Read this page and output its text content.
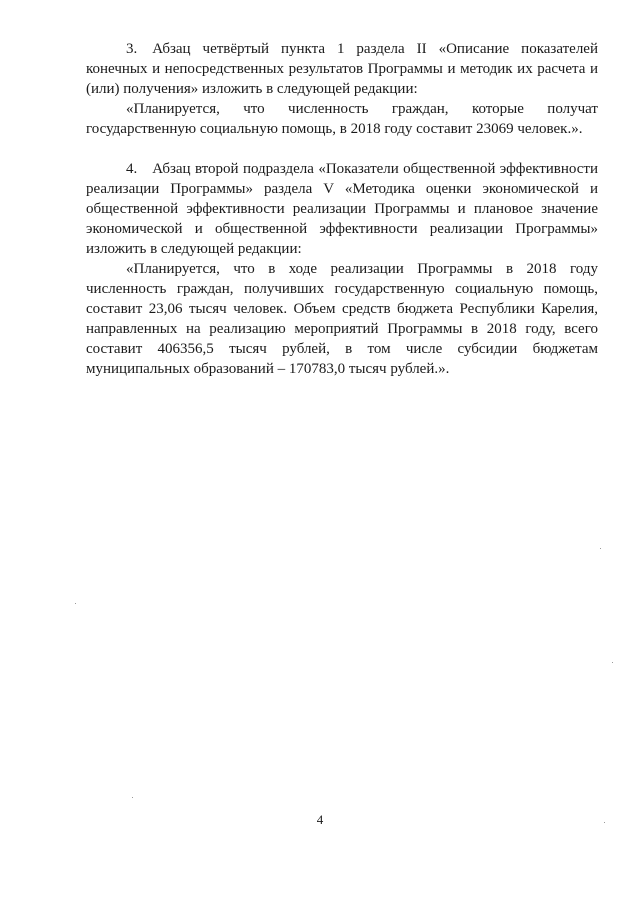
3. Абзац четвёртый пункта 1 раздела II «Описание показателей конечных и непосредственных результатов Программы и методик их расчета и (или) получения» изложить в следующей редакции:

«Планируется, что численность граждан, которые получат государственную социальную помощь, в 2018 году составит 23069 человек.».

4. Абзац второй подраздела «Показатели общественной эффективности реализации Программы» раздела V «Методика оценки экономической и общественной эффективности реализации Программы и плановое значение экономической и общественной эффективности реализации Программы» изложить в следующей редакции:

«Планируется, что в ходе реализации Программы в 2018 году численность граждан, получивших государственную социальную помощь, составит 23,06 тысяч человек. Объем средств бюджета Республики Карелия, направленных на реализацию мероприятий Программы в 2018 году, всего составит 406356,5 тысяч рублей, в том числе субсидии бюджетам муниципальных образований – 170783,0 тысяч рублей.».

4
